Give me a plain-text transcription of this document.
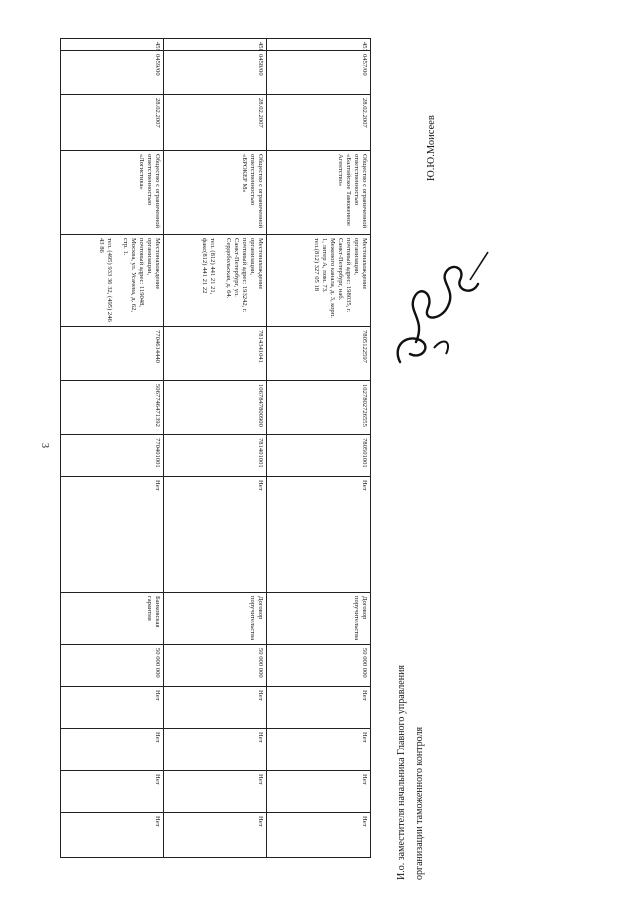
3
457	0457/00	28.02.2007	Общество с ограниченной ответственностью «Балтийское Таможенное Агентство»	Местонахождение организации,
почтовый адрес: 198035, г. Санкт-Петербург, наб. Межевого канала, д. 3, корп. 1, литер А, пом. 73.
тел.(812) 327 05 18	7805122597	1027802726555	780501001	Нет	Договор поручительства	50 000 000	Нет	Нет	Нет	Нет
458	0458/00	28.02.2007	Общество с ограниченной ответственностью «БРОКЕР М»	Местонахождение организации,
почтовый адрес: 193242, г. Санкт-Петербург, ул. Сердобольская, д. 64.

тел. (812) 441 21 21, факс(812) 441 21 22	7814341041	1067847800900	781401001	Нет	Договор поручительства	50 000 000	Нет	Нет	Нет	Нет
459	0459/00	28.02.2007	Общество с ограниченной ответственностью «Логистика»	Местонахождение организации,
почтовый адрес: 119048, Москва, ул. Усачева, д. 62, стр. 1.

тел. (495) 933 36 32, (495) 246 43 86	7704614440	5067746471392	770401001	Нет	Банковская гарантия	50 000 000	Нет	Нет	Нет	Нет	И.о. заместителя начальника Главного управления организации таможенного контроля
Ю.Ю.Моисеев
